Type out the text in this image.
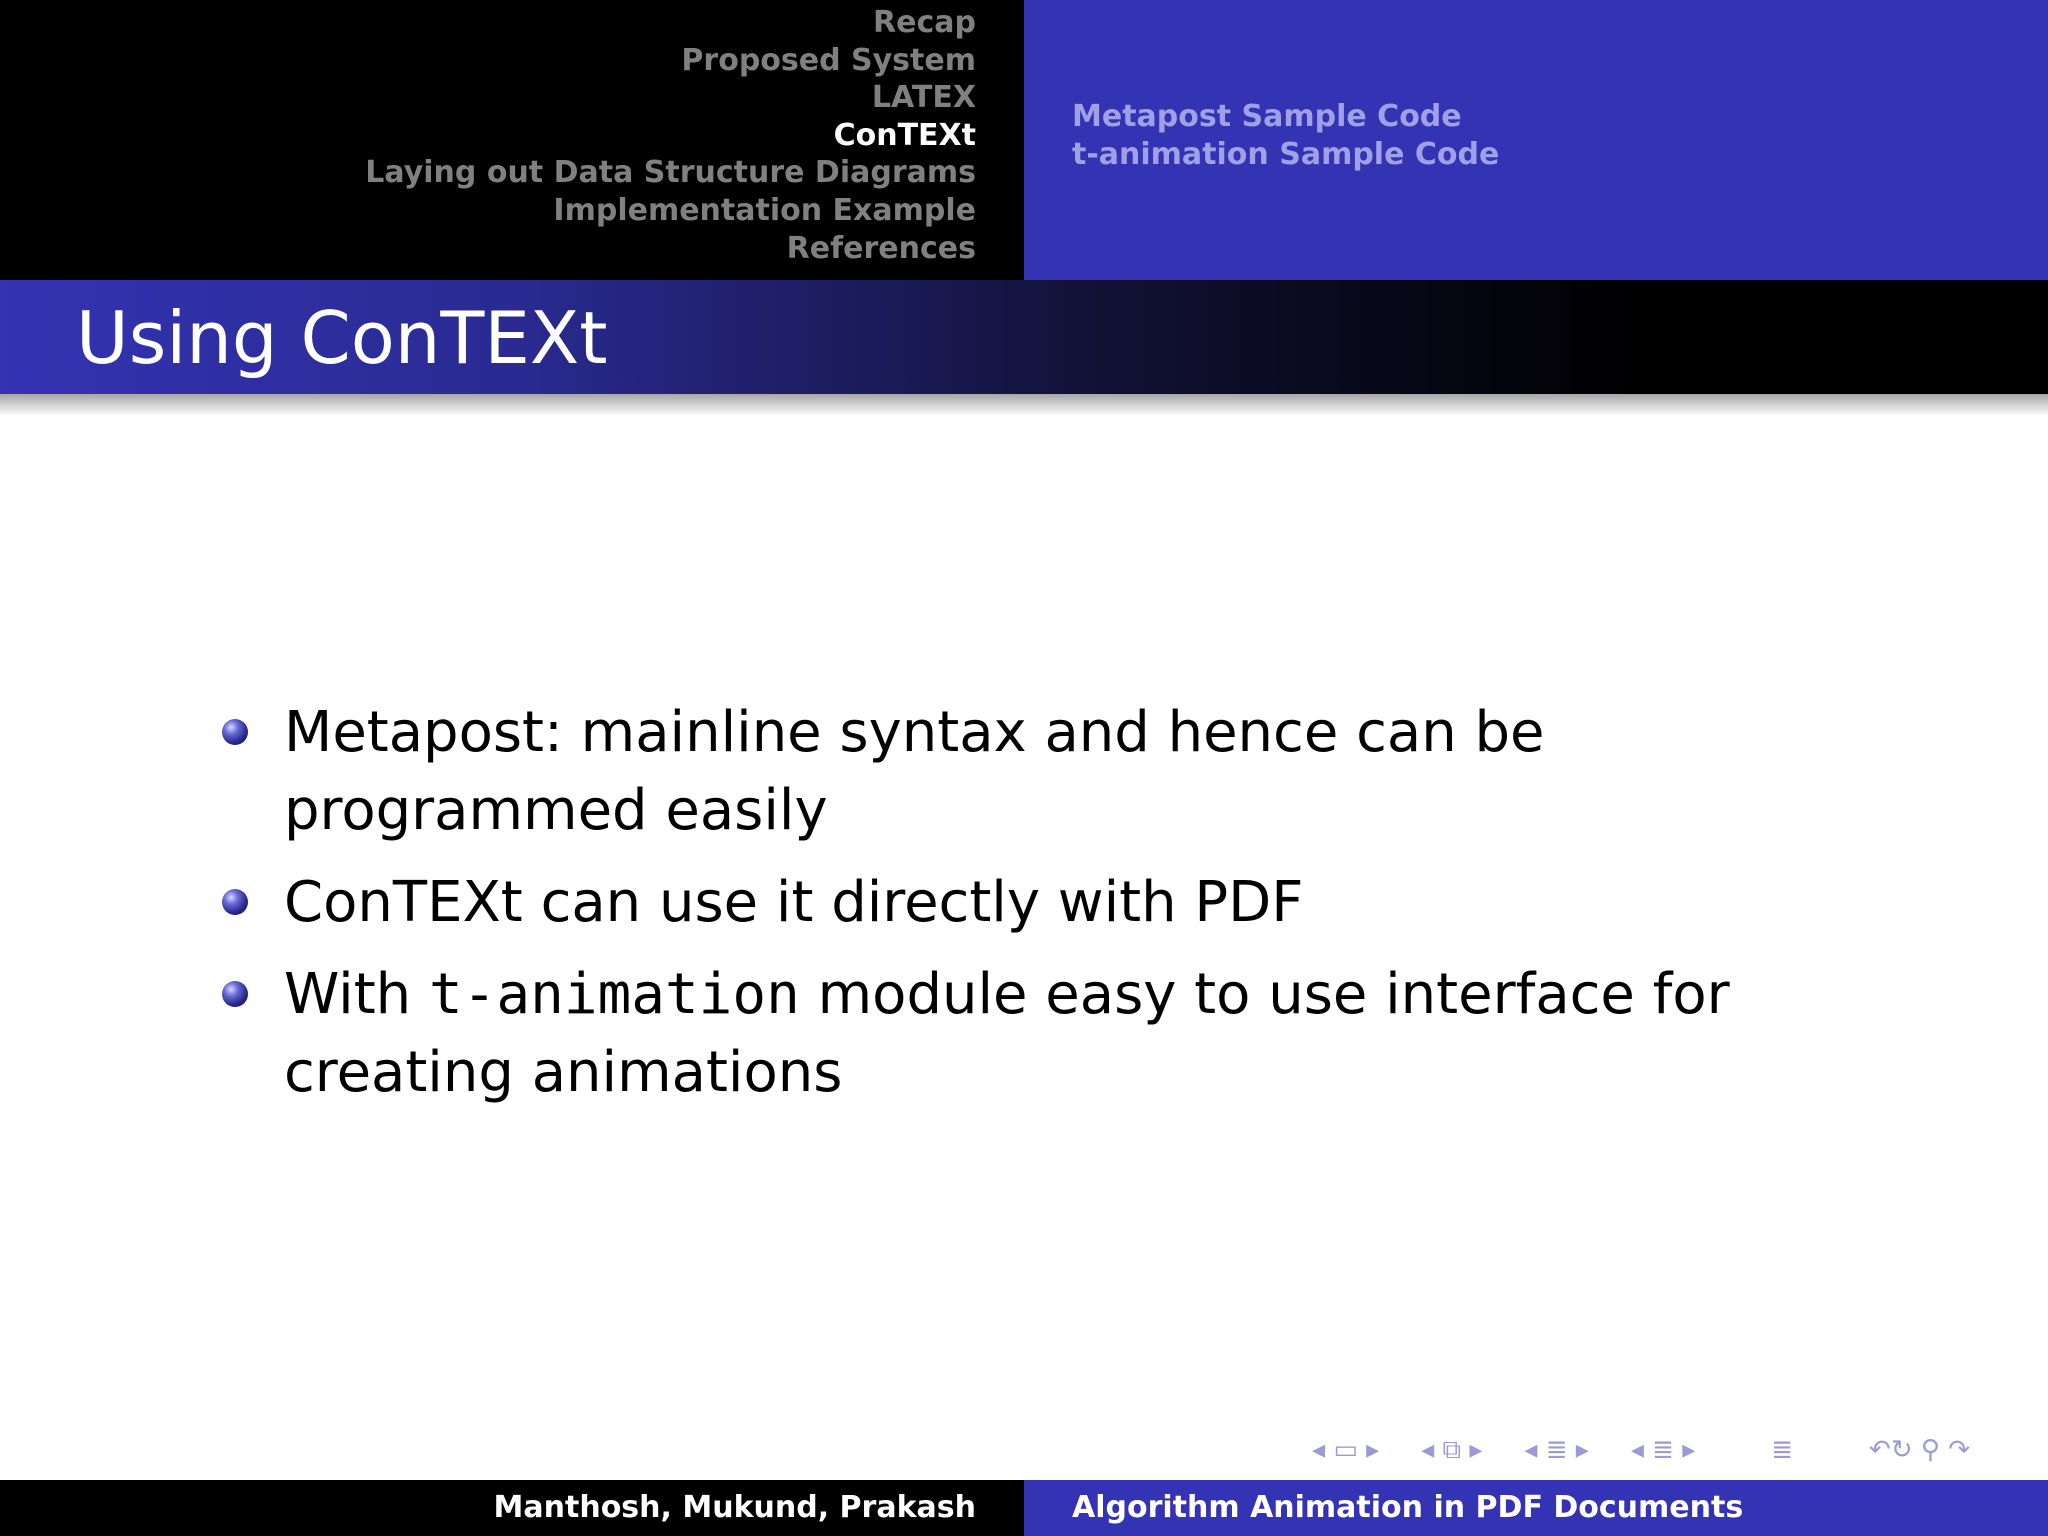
Recap
Proposed System
LATEX
ConTEXt
Laying out Data Structure Diagrams
Implementation Example
References
Metapost Sample Code
t-animation Sample Code
Using ConTEXt
Metapost: mainline syntax and hence can be programmed easily
ConTEXt can use it directly with PDF
With t-animation module easy to use interface for creating animations
◂ ▭ ▸ ◂ ⧉ ▸ ◂ ≣ ▸ ◂ ≣ ▸	≣	↶↻ ⚲ ↷
Manthosh, Mukund, Prakash	Algorithm Animation in PDF Documents
